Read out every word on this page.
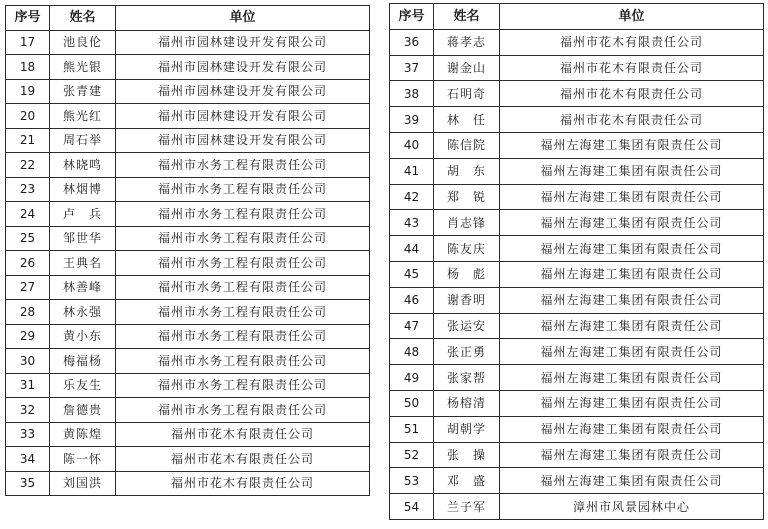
序号	姓名	单位
17	池良伦	福州市园林建设开发有限公司
18	熊光银	福州市园林建设开发有限公司
19	张青建	福州市园林建设开发有限公司
20	熊光红	福州市园林建设开发有限公司
21	周石举	福州市园林建设开发有限公司
22	林晓鸣	福州市水务工程有限责任公司
23	林烟博	福州市水务工程有限责任公司
24	卢　兵	福州市水务工程有限责任公司
25	邹世华	福州市水务工程有限责任公司
26	王典名	福州市水务工程有限责任公司
27	林善峰	福州市水务工程有限责任公司
28	林永强	福州市水务工程有限责任公司
29	黄小东	福州市水务工程有限责任公司
30	梅福杨	福州市水务工程有限责任公司
31	乐友生	福州市水务工程有限责任公司
32	詹德贵	福州市水务工程有限责任公司
33	黄陈煌	福州市花木有限责任公司
34	陈一怀	福州市花木有限责任公司
35	刘国洪	福州市花木有限责任公司
序号	姓名	单位
36	蒋孝志	福州市花木有限责任公司
37	谢金山	福州市花木有限责任公司
38	石明奇	福州市花木有限责任公司
39	林　任	福州市花木有限责任公司
40	陈信院	福州左海建工集团有限责任公司
41	胡　东	福州左海建工集团有限责任公司
42	郑　锐	福州左海建工集团有限责任公司
43	肖志锋	福州左海建工集团有限责任公司
44	陈友庆	福州左海建工集团有限责任公司
45	杨　彪	福州左海建工集团有限责任公司
46	谢香明	福州左海建工集团有限责任公司
47	张运安	福州左海建工集团有限责任公司
48	张正勇	福州左海建工集团有限责任公司
49	张家帮	福州左海建工集团有限责任公司
50	杨榕清	福州左海建工集团有限责任公司
51	胡朝学	福州左海建工集团有限责任公司
52	张　操	福州左海建工集团有限责任公司
53	邓　盛	福州左海建工集团有限责任公司
54	兰子军	漳州市风景园林中心
